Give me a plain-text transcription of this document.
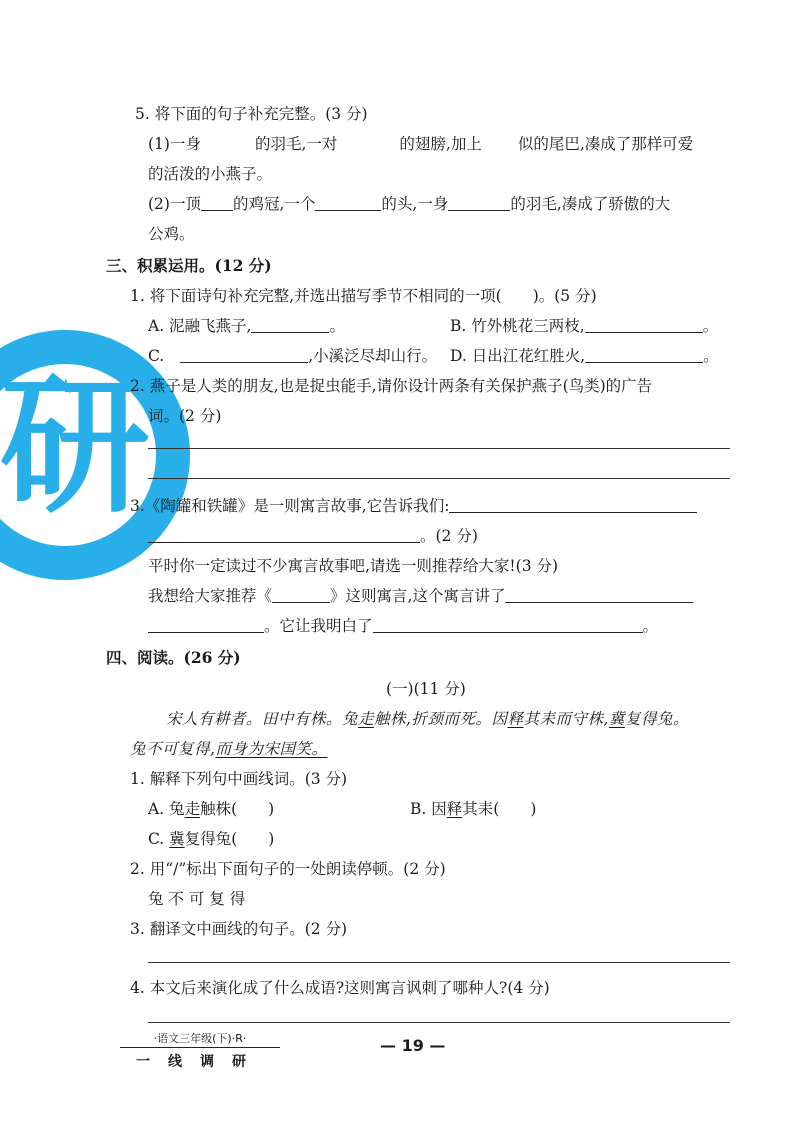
研
5. 将下面的句子补充完整。(3 分)
(1)一身	的羽毛,一对	的翅膀,加上 似的尾巴,凑成了那样可爱
的活泼的小燕子。
(2)一顶 的鸡冠,一个	的头,一身	的羽毛,凑成了骄傲的大
公鸡。
三、积累运用。(12 分)
1. 将下面诗句补充完整,并选出描写季节不相同的一项(　　)。(5 分)
A. 泥融飞燕子,	。	B. 竹外桃花三两枝,	。
C.	,小溪泛尽却山行。 D. 日出江花红胜火,	。
2. 燕子是人类的朋友,也是捉虫能手,请你设计两条有关保护燕子(鸟类)的广告
词。(2 分)
3.《陶罐和铁罐》是一则寓言故事,它告诉我们:
。(2 分)
平时你一定读过不少寓言故事吧,请选一则推荐给大家!(3 分)
我想给大家推荐《	》这则寓言,这个寓言讲了
。它让我明白了	。
四、阅读。(26 分)
(一)(11 分)
宋人有耕者。田中有株。兔走触株,折颈而死。因释其耒而守株,冀复得兔。
兔不可复得,而身为宋国笑。
1. 解释下列句中画线词。(3 分)
A. 兔走触株(　　)	B. 因释其耒(　　)
C. 冀复得兔(　　)
2. 用“/”标出下面句子的一处朗读停顿。(2 分)
兔 不 可 复 得
3. 翻译文中画线的句子。(2 分)
4. 本文后来演化成了什么成语?这则寓言讽刺了哪种人?(4 分)
·语文三年级(下)·R·
一线调研
— 19 —
